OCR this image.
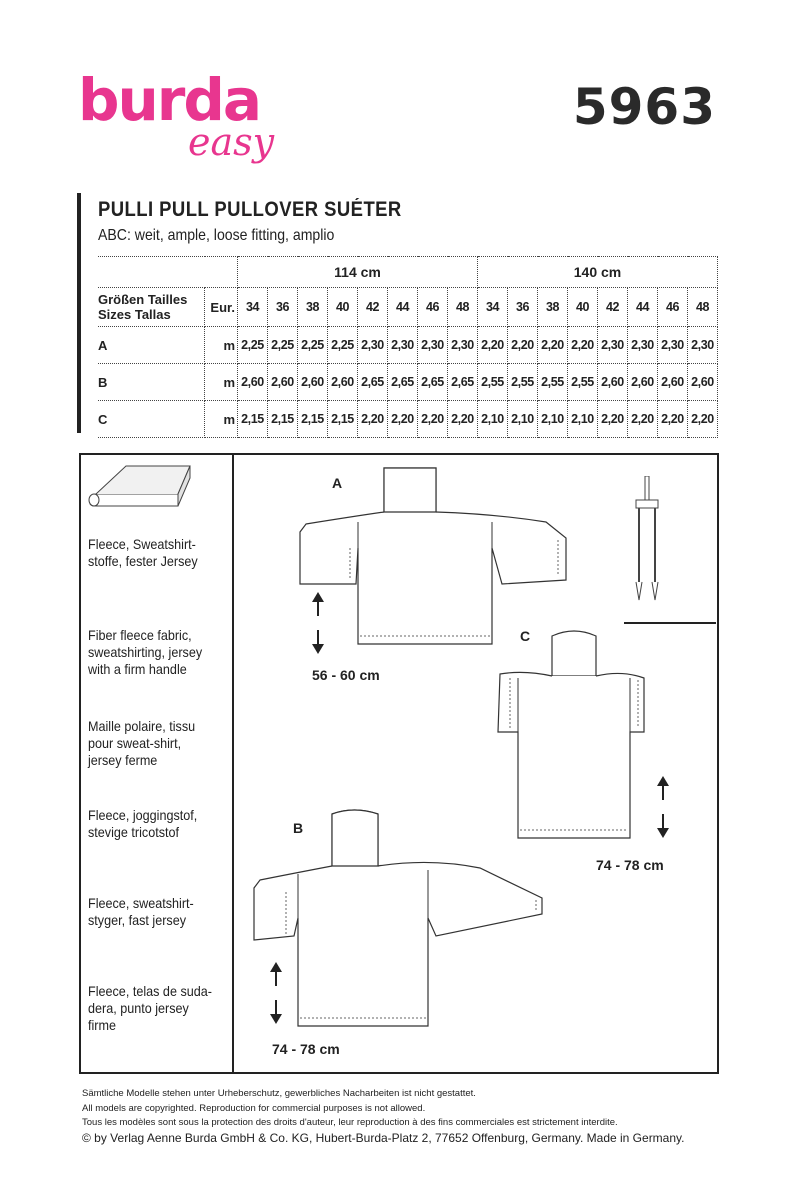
burda
easy
5963
PULLI PULL PULLOVER SUÉTER
ABC: weit, ample, loose fitting, amplio
		114 cm								140 cm							

Größen Tailles
Sizes Tallas	Eur.	34	36	38	40	42	44	46	48	34	36	38	40	42	44	46	48
A	m	2,25	2,25	2,25	2,25	2,30	2,30	2,30	2,30	2,20	2,20	2,20	2,20	2,30	2,30	2,30	2,30
B	m	2,60	2,60	2,60	2,60	2,65	2,65	2,65	2,65	2,55	2,55	2,55	2,55	2,60	2,60	2,60	2,60
C	m	2,15	2,15	2,15	2,15	2,20	2,20	2,20	2,20	2,10	2,10	2,10	2,10	2,20	2,20	2,20	2,20
Fleece, Sweatshirt-stoffe, fester Jersey
Fiber fleece fabric, sweatshirting, jersey with a firm handle
Maille polaire, tissu pour sweat-shirt, jersey ferme
Fleece, joggingstof, stevige tricotstof
Fleece, sweatshirt-styger, fast jersey
Fleece, telas de suda-dera, punto jersey firme
A
56 - 60 cm
C
74 - 78 cm
B
74 - 78 cm
Sämtliche Modelle stehen unter Urheberschutz, gewerbliches Nacharbeiten ist nicht gestattet.
All models are copyrighted. Reproduction for commercial purposes is not allowed.
Tous les modèles sont sous la protection des droits d'auteur, leur reproduction à des fins commerciales est strictement interdite.
© by Verlag Aenne Burda GmbH & Co. KG, Hubert-Burda-Platz 2, 77652 Offenburg, Germany. Made in Germany.
